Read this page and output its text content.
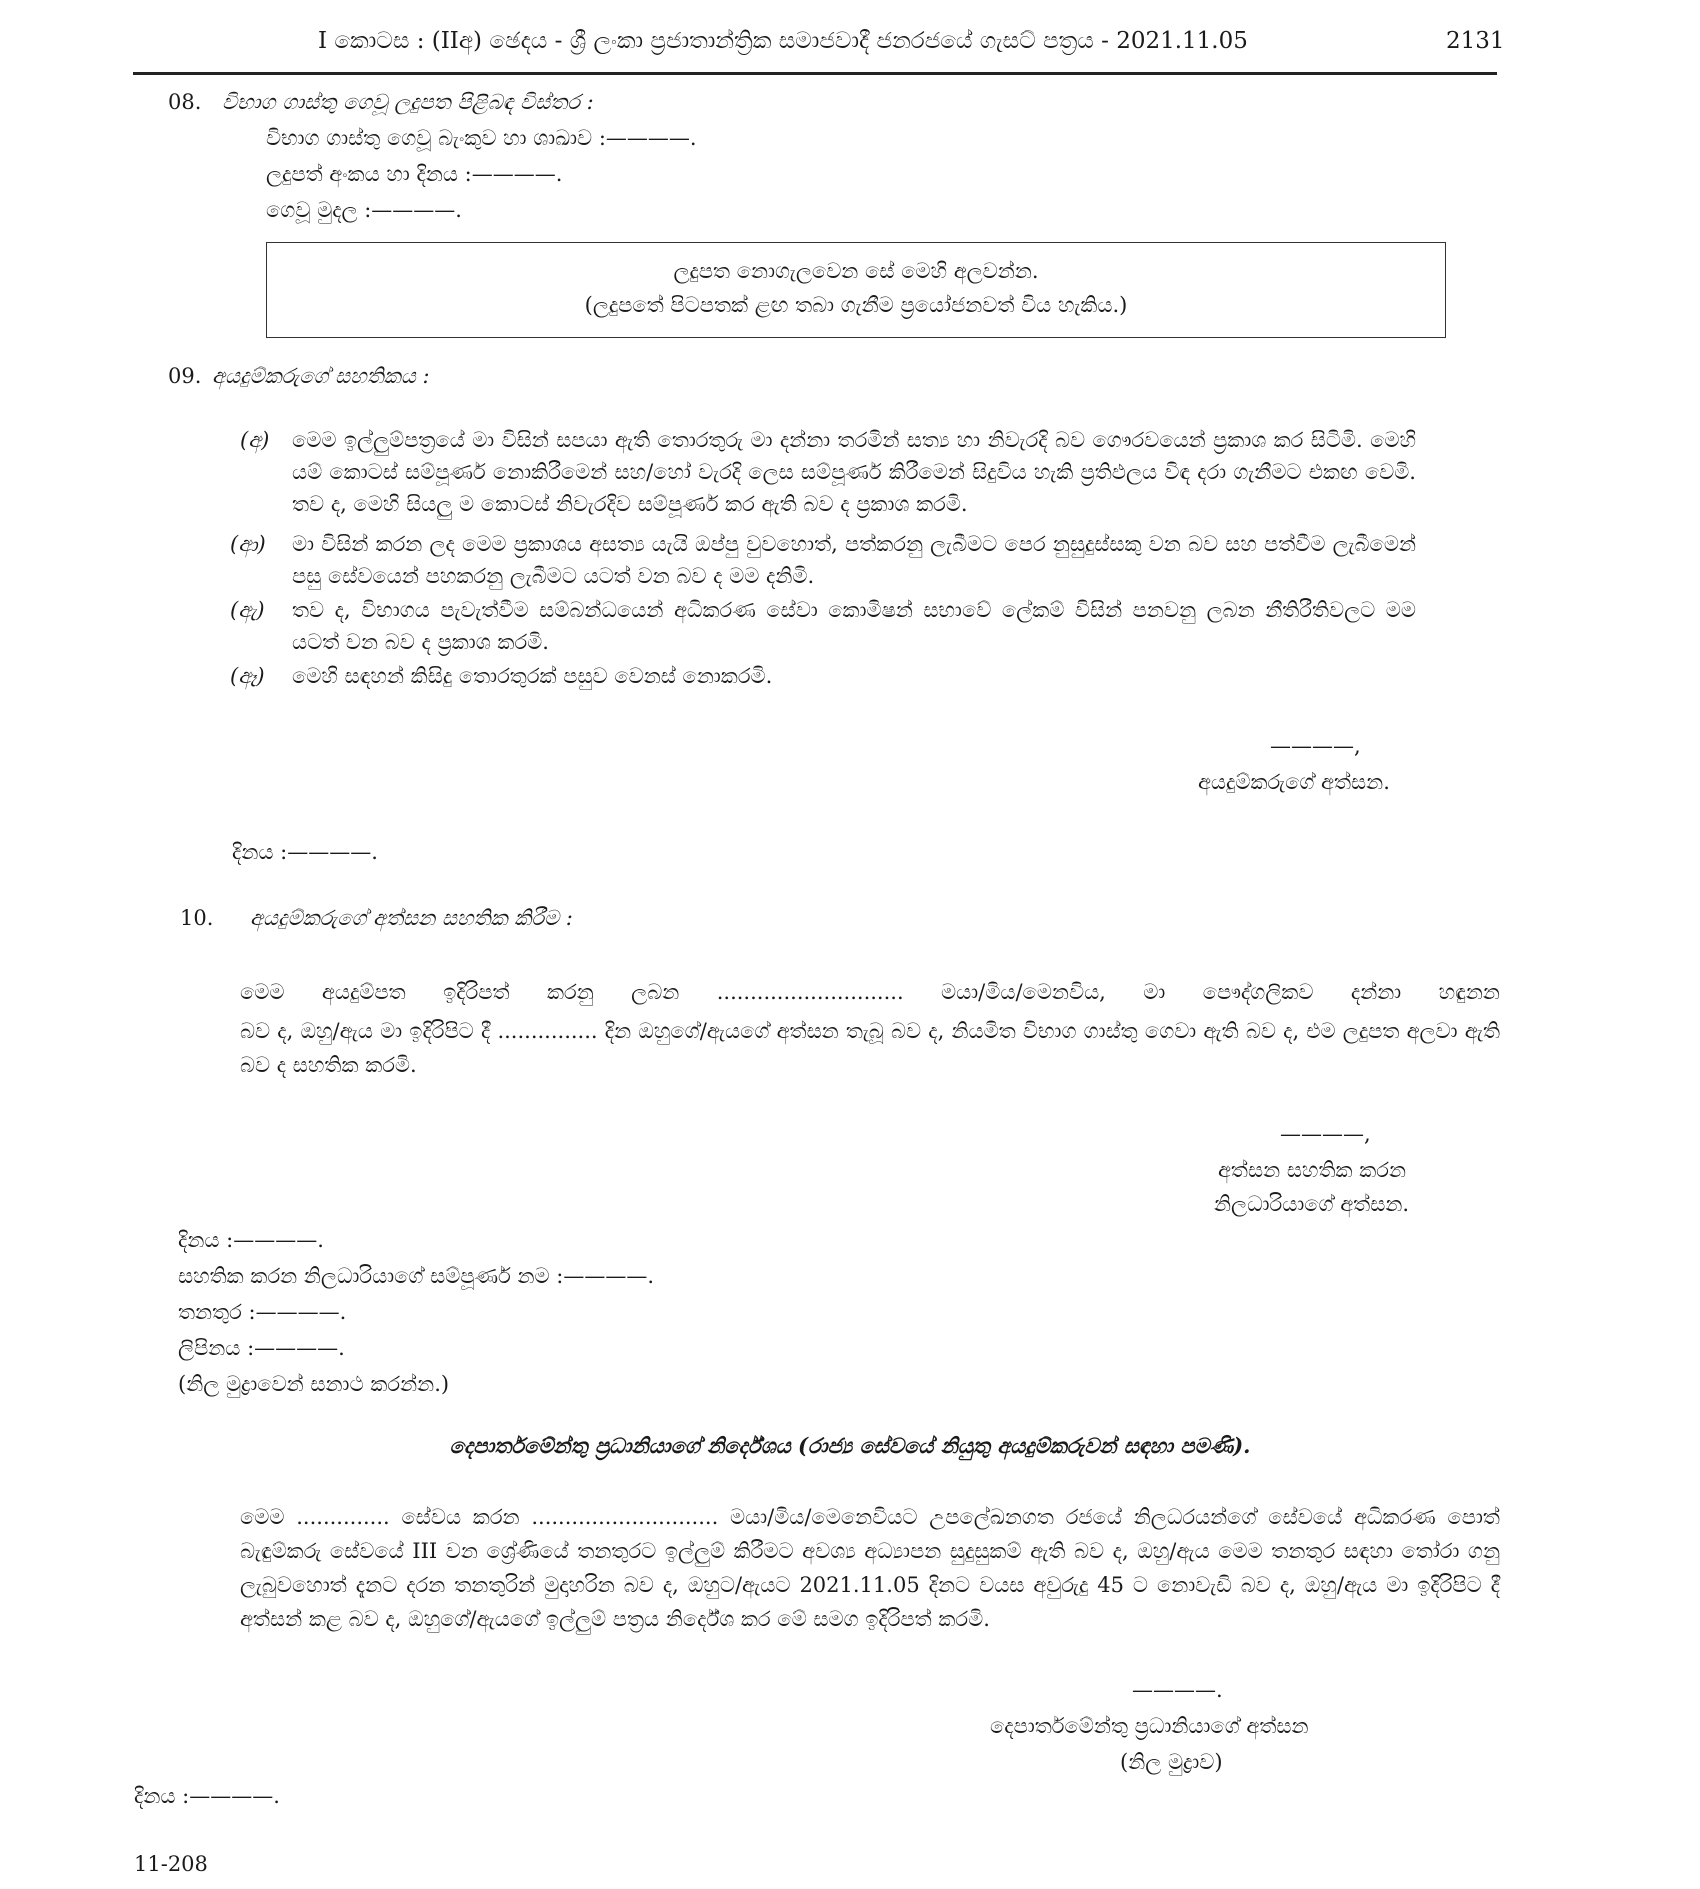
I කොටස : (IIඅ) ඡෙදය - ශ්‍රී ලංකා ප්‍රජාතාන්ත්‍රික සමාජවාදී ජනරජයේ ගැසට් පත්‍රය - 2021.11.05	2131
08. විභාග ගාස්තු ගෙවූ ලදුපත පිළිබඳ විස්තර :
විභාග ගාස්තු ගෙවූ බැංකුව හා ශාඛාව :————.
ලදුපත් අංකය හා දිනය :————.
ගෙවූ මුදල :————.
ලදුපත නොගැලවෙන සේ මෙහි අලවන්න.
(ලදුපතේ පිටපතක් ළඟ තබා ගැනීම ප්‍රයෝජනවත් විය හැකිය.)
09. අයදුම්කරුගේ සහතිකය :
(අ) මෙම ඉල්ලුම්පත්‍රයේ මා විසින් සපයා ඇති තොරතුරු මා දන්නා තරමින් සත්‍ය හා නිවැරදි බව ගෞරවයෙන් ප්‍රකාශ කර සිටිමි. මෙහි යම් කොටස් සම්පූර්ණ නොකිරීමෙන් සහ/හෝ වැරදි ලෙස සම්පූර්ණ කිරීමෙන් සිදුවිය හැකි ප්‍රතිඵලය විඳ දරා ගැනීමට එකඟ වෙමි. තව ද, මෙහි සියලු ම කොටස් නිවැරදිව සම්පූර්ණ කර ඇති බව ද ප්‍රකාශ කරමි.
(ආ) මා විසින් කරන ලද මෙම ප්‍රකාශය අසත්‍ය යැයි ඔප්පු වුවහොත්, පත්කරනු ලැබීමට පෙර නුසුදුස්සකු වන බව සහ පත්වීම ලැබීමෙන් පසු සේවයෙන් පහකරනු ලැබීමට යටත් වන බව ද මම දනිමි.
(ඇ) තව ද, විභාගය පැවැත්වීම සම්බන්ධයෙන් අධිකරණ සේවා කොමිෂන් සභාවේ ලේකම් විසින් පනවනු ලබන නීතිරීතිවලට මම යටත් වන බව ද ප්‍රකාශ කරමි.
(ඈ) මෙහි සඳහන් කිසිදු තොරතුරක් පසුව වෙනස් නොකරමි.
————,
අයදුම්කරුගේ අත්සන.
දිනය :————.
10. අයදුම්කරුගේ අත්සන සහතික කිරීම :
මෙම අයදුම්පත ඉදිරිපත් කරනු ලබන ............................ මයා/මිය/මෙනවිය, මා පෞද්ගලිකව දන්නා හඳුනන
බව ද, ඔහු/ඇය මා ඉදිරිපිට දී ............... දින ඔහුගේ/ඇයගේ අත්සන තැබූ බව ද, නියමිත විභාග ගාස්තු ගෙවා ඇති බව ද, එම ලදුපත අලවා ඇති බව ද සහතික කරමි.
————,
අත්සන සහතික කරන
නිලධාරියාගේ අත්සන.
දිනය :————.
සහතික කරන නිලධාරියාගේ සම්පූර්ණ නම :————.
තනතුර :————.
ලිපිනය :————.
(නිල මුද්‍රාවෙන් සනාථ කරන්න.)
දෙපාර්තමේන්තු ප්‍රධානියාගේ නිර්දේශය (රාජ්‍ය සේවයේ නියුතු අයදුම්කරුවන් සඳහා පමණි).
මෙම .............. සේවය කරන ............................ මයා/මිය/මෙනෙවියට උපලේඛනගත රජයේ නිලධරයන්ගේ සේවයේ අධිකරණ පොත් බැඳුම්කරු සේවයේ III වන ශ්‍රේණියේ තනතුරට ඉල්ලුම් කිරීමට අවශ්‍ය අධ්‍යාපන සුදුසුකම් ඇති බව ද, ඔහු/ඇය මෙම තනතුර සඳහා තෝරා ගනු ලැබුවහොත් දැනට දරන තනතුරින් මුදාහරින බව ද, ඔහුට/ඇයට 2021.11.05 දිනට වයස අවුරුදු 45 ට නොවැඩි බව ද, ඔහු/ඇය මා ඉදිරිපිට දී අත්සන් කළ බව ද, ඔහුගේ/ඇයගේ ඉල්ලුම් පත්‍රය නිර්දේශ කර මේ සමග ඉදිරිපත් කරමි.
————.
දෙපාර්තමේන්තු ප්‍රධානියාගේ අත්සන
(නිල මුද්‍රාව)
දිනය :————.
11-208
